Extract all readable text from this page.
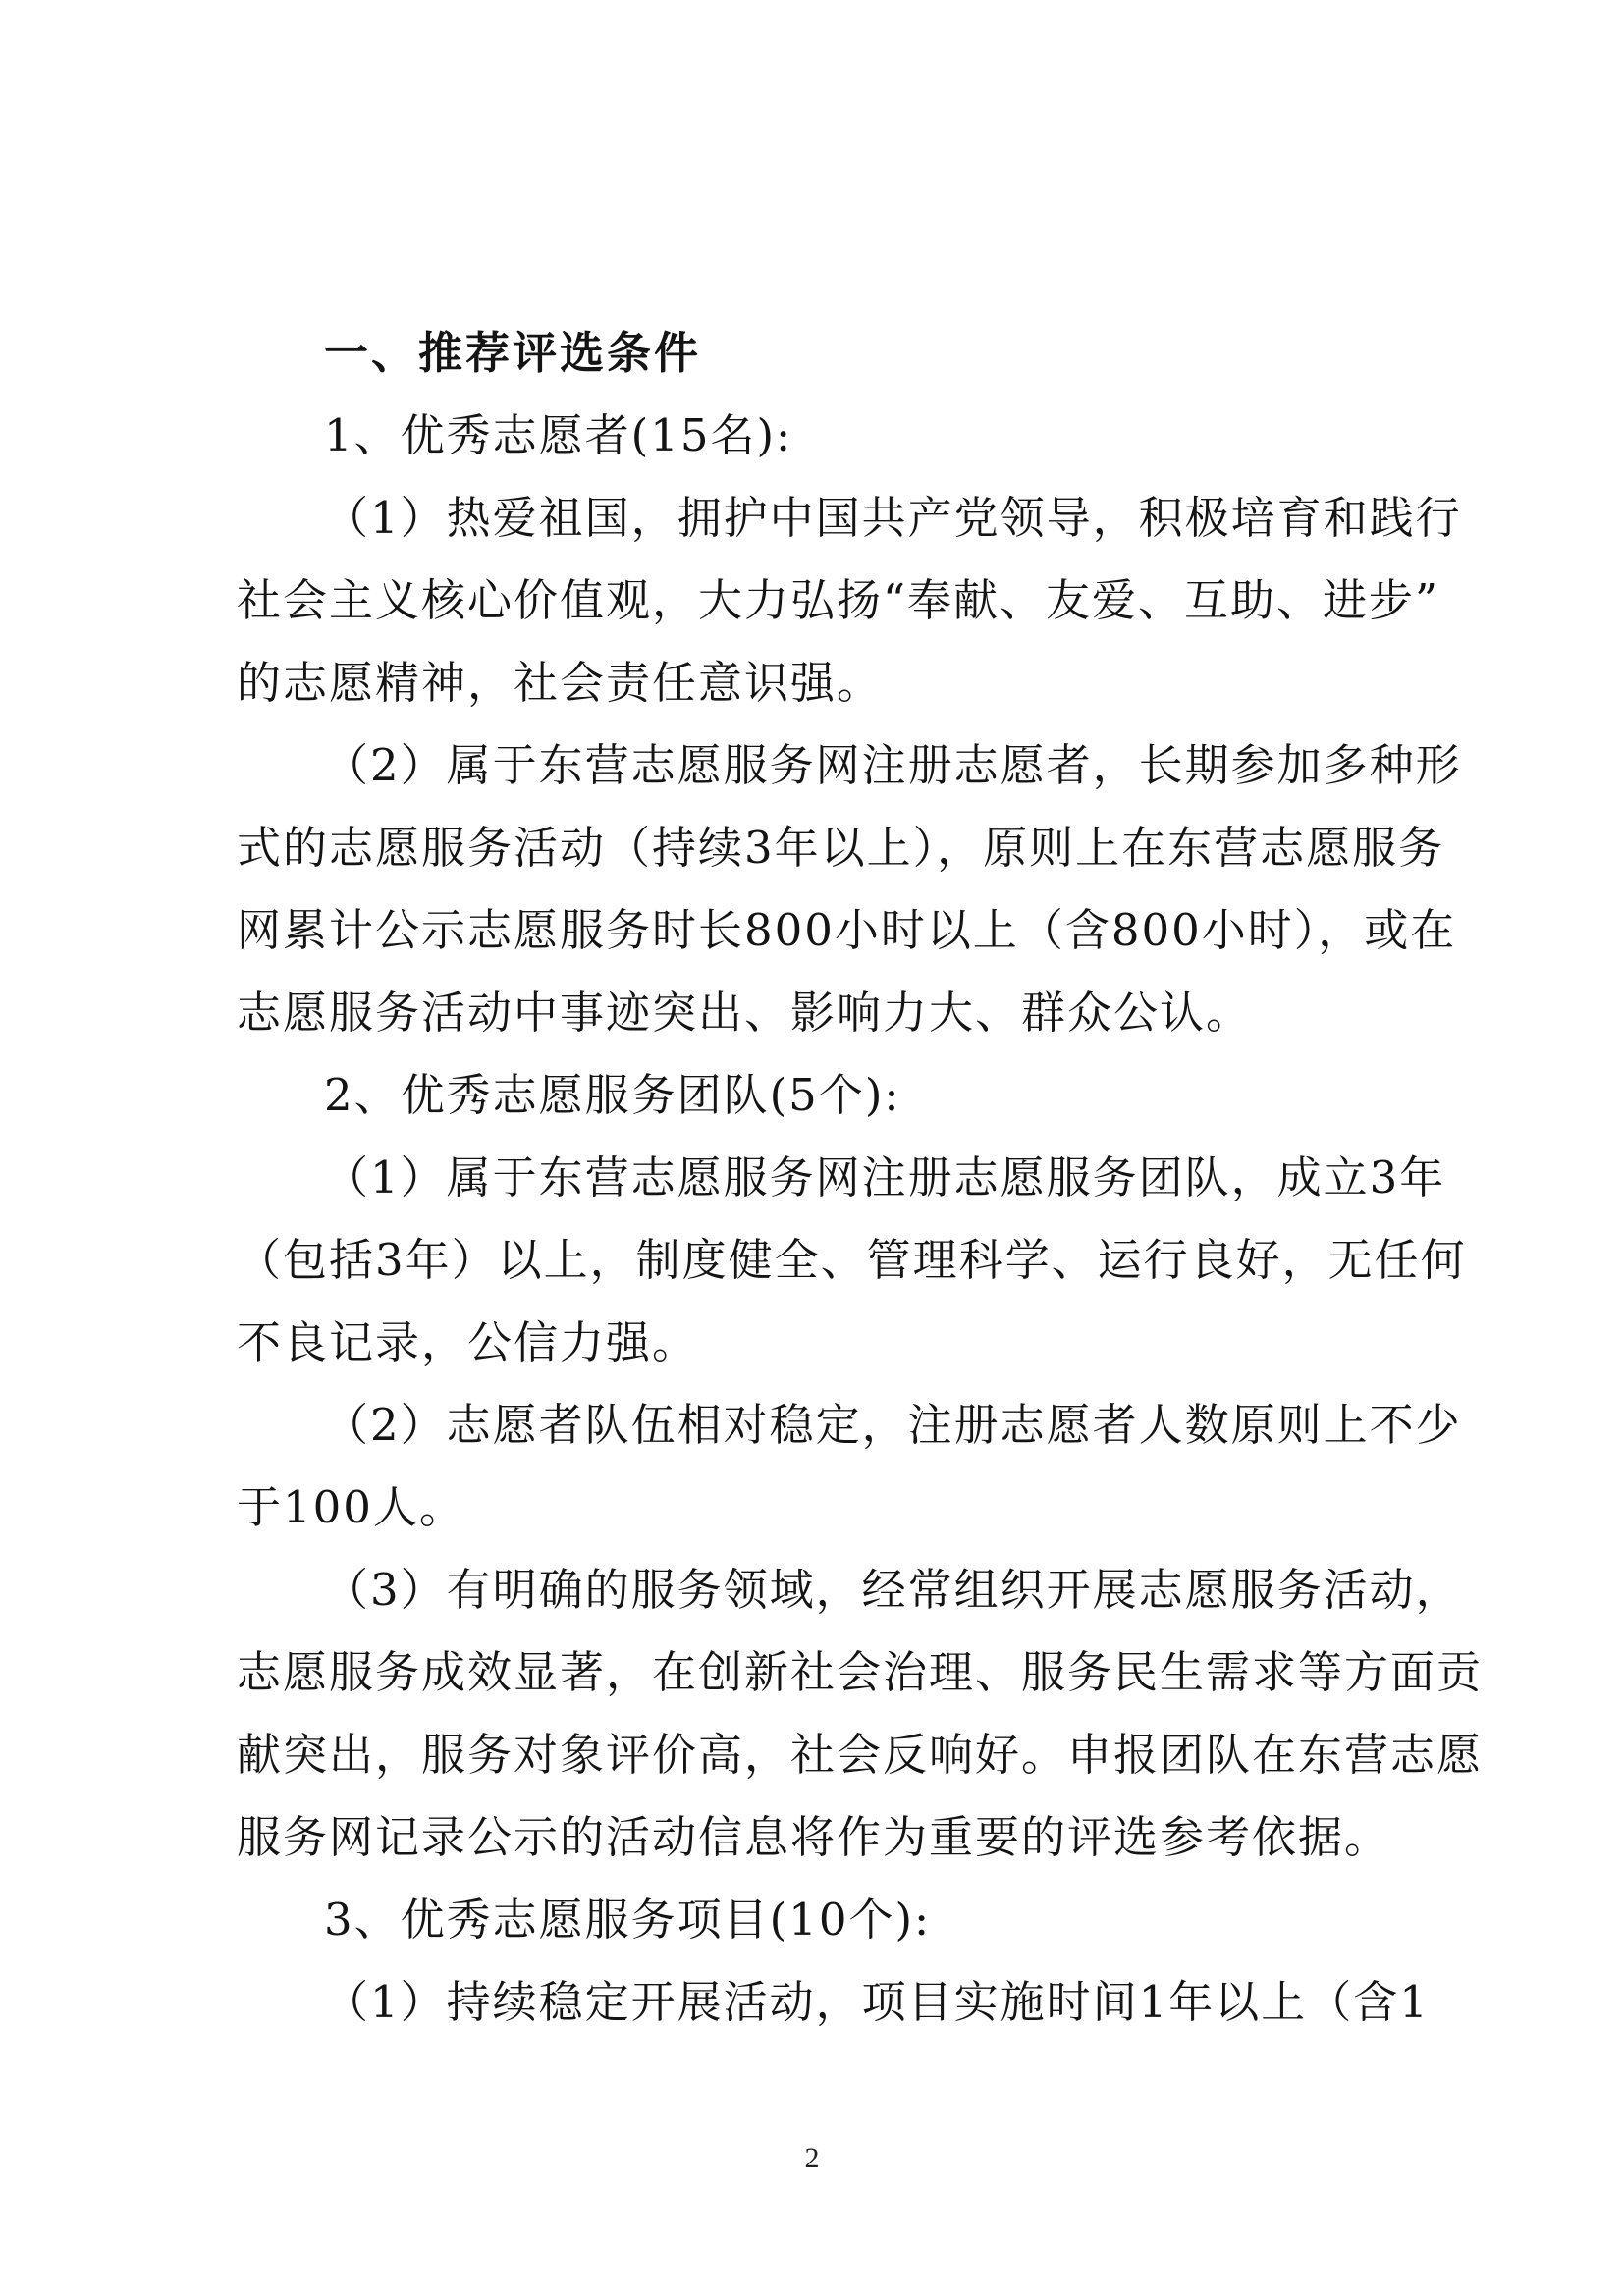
一、推荐评选条件
1、优秀志愿者(15名):
（1）热爱祖国，拥护中国共产党领导，积极培育和践行
社会主义核心价值观，大力弘扬“奉献、友爱、互助、进步”
的志愿精神，社会责任意识强。
（2）属于东营志愿服务网注册志愿者，长期参加多种形
式的志愿服务活动（持续3年以上），原则上在东营志愿服务
网累计公示志愿服务时长800小时以上（含800小时），或在
志愿服务活动中事迹突出、影响力大、群众公认。
2、优秀志愿服务团队(5个):
（1）属于东营志愿服务网注册志愿服务团队，成立3年
（包括3年）以上，制度健全、管理科学、运行良好，无任何
不良记录，公信力强。
（2）志愿者队伍相对稳定，注册志愿者人数原则上不少
于100人。
（3）有明确的服务领域，经常组织开展志愿服务活动，
志愿服务成效显著，在创新社会治理、服务民生需求等方面贡
献突出，服务对象评价高，社会反响好。申报团队在东营志愿
服务网记录公示的活动信息将作为重要的评选参考依据。
3、优秀志愿服务项目(10个):
（1）持续稳定开展活动，项目实施时间1年以上（含1
2
